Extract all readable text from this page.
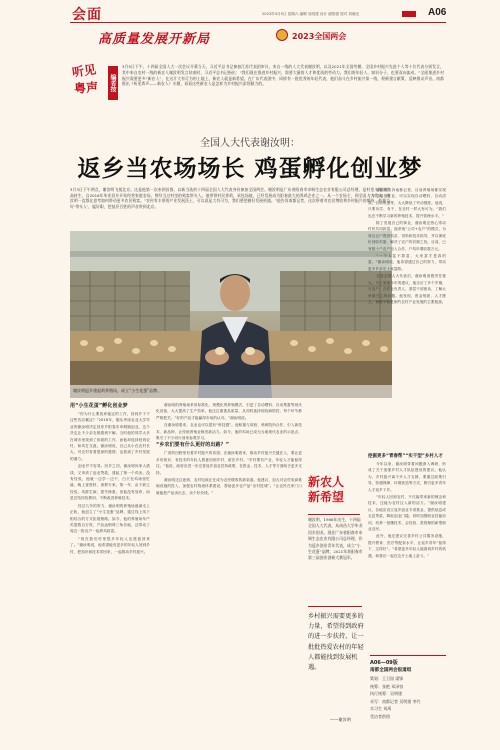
会面	2023年3月5日 星期六 编辑 吴明建 设计 谢智强 校对 刘晓光	A06
高质量发展开新局	2023全国两会
听见
粤声 编者按
3月5日下午，十四届全国人大一次会议开幕当天，习近平总书记参加江苏代表团审议，来自一线的人大代表谢汝明，以及2021年全国劳模、全国乡村振兴先进个人等十位代表分别发言，其中来自农村一线的新农人谢汝明发言结束时，习近平总书记指出：“我们现在推进乡村振兴，需要大量的人才和优质的劳动力。我们的年轻人、知识分子，也要双向流动。”全面推进乡村振兴需要更多“新农人”，在这片大有可为的土地上，新农人就是新希望。在广东代表团中，同样有一批优秀的年轻代表，他们奋斗在乡村振兴第一线，积极建言献策，反映群众声音。南都推出《听见粤声——新农人》专题，看看这些新农人是怎样为乡村振兴添智献力的。
全国人大代表谢汝明：
返乡当农场场长 鸡蛋孵化创业梦
3月3日下午两点，谢汝明飞抵北京。这是他第一次来到首都，以新当选的十四届全国人大代表身份参加全国两会。谢汝明是广东省阳春市申垌生态农业有限公司总经理，是村里人眼里的高材生，自2016年毕业回乡开始经营家庭农场，曾经当过村里的致富带头人。他带领村民养鸡，承包场地，已经发展成为阳春最大的养鸡企业之一。从一个农场主，到全国人大代表，谢汝明一直都在思考如何带动更多农民致富。“农村有丰厚的产业发展沃土，可以说是大有可为，我们要把握好发展机遇。”他告诉南都记者，这次带着对农民增收和乡村振兴的期待，他要当好‘带头人’，履好职，把基层百姓的声音带到北京。
谢汝明返乡建起鸡养殖场，成立“小生花蛋”品牌。
用“小生花蛋”孵化创业梦
“你为什么要放弃稳定的工作，回到乡下干这些苦活累活？”2016年，刚从华南农业大学毕业的谢汝明决定回家乡阳春市申垌镇创业，这个决定让不少亲友都感到不解。当时他的同学大多在城市里找到了体面的工作，而他却选择回到农村，和鸡打交道。谢汝明说，自己从小在农村长大，对农村有着很深的感情，也看到了乡村发展的潜力。
创业并不容易。回乡之初，谢汝明向家人借钱，又申请了创业贷款，建起了第一个鸡舍。没有经验，他就一边学一边干，白天在鸡场里忙碌，晚上查资料、请教专家。第一年，由于缺乏经验，鸡群生病，损失惨重。但他没有放弃，而是总结经验教训，不断改进养殖技术。
经过几年的努力，谢汝明的养殖场逐渐走上正轨，他创立了“小生花蛋”品牌，通过线上线下相结合的方式拓展销路。如今，他的养殖场年产鸡蛋数百万枚，产品远销珠三角各地，还带动了周边一批农户一起养鸡致富。
“现在我们村里很多年轻人也愿意回来了。”谢汝明说，他希望能有更多的年轻人回到乡村，把知识和技术带回来，一起推动乡村振兴。
谢汝明的养殖场采用标准化、规模化的养殖模式，引进了自动喂料、自动集蛋等现代化设备，大大提高了生产效率。他还注重蛋品质量，从饲料选择到疫病防控，每个环节都严格把关。“好的产品才能赢得市场的认可。”谢汝明说。
在谢汝明看来，农业也可以很有“科技感”。他积极与高校、科研院所合作，引入新技术、新品种，让传统养殖业焕发新活力。如今，他的鸡场已成为当地现代农业的示范点，吸引了不少同行前来参观学习。
“乡农们要有什么更好的出路？”
广袤的田野里有着乡村振兴的希望。在谢汝明看来，推动乡村振兴关键在人，要让更多有知识、有技术的年轻人愿意回到乡村、留在乡村。“乡村要有产业，年轻人才能留得住。”他说，政府应进一步完善返乡创业扶持政策，在资金、技术、人才等方面给予更多支持。
谢汝明还注意到，农村电商正在成为农民增收的新渠道。他建议，加大对农村电商基础设施的投入，加强农村物流体系建设，帮助更多农产品“出村进城”。“让农民在家门口就能把产品卖出去，卖个好价钱。”
新农人
新希望
谢汝明，1988年出生，十四届全国人大代表，从南昌大学毕业回乡创业。现任广东省阳春市申垌生态农业有限公司总经理，作为返乡创业青年代表，成立“小生花蛋”品牌，2021年获阳春市第三届创业创新大赛冠军。
乡村振兴需要更多的力量，希望得到政府的进一步扶持，让一批批热爱农村的年轻人都能找到发展机遇。
——谢汝明
谢汝明告诉南都记者，目前养殖场都实现了半自动化作业，可以实现自动喂料、自动清粪，自动集蛋等，大大降低了劳动强度。他说，只要肯学、肯干，在农村一样大有可为。“我们也在不断学习新的养殖技术，提升管理水平。”
除了发展自己的事业，谢汝明还热心带动村民共同致富。他采取“公司+农户”的模式，为周边农户提供鸡苗、饲料和技术指导，并以保底价回收鸡蛋，解决了农户的后顾之忧。目前，已有数十户农户加入合作，户均年增收数万元。
“一个人富不算富，大家富才是真的富。”谢汝明说，他希望通过自己的努力，带动更多乡亲走上致富路。
当选全国人大代表后，谢汝明深感责任重大。为了准备今年的建议，他走访了多个乡镇，与农户、合作社负责人、基层干部座谈，了解大家最关心的问题。他发现，资金短缺、人才匮乏、销路不畅是制约农村产业发展的主要瓶颈。
挖掘更多“青春帮”“实干型”乡村人才
今年以来，谢汝明带着问题深入调研，形成了关于加强乡村人才队伍建设的建议。他认为，乡村振兴离不开人才支撑，要通过政策引导、待遇保障、环境营造等方式，吸引更多青年人才返乡下乡。
“年轻人回到农村，不仅能带来新的理念和技术，还能为农村注入新的活力。”谢汝明建议，各地应设立返乡创业专项基金，提供低息或无息贷款，降低创业门槛；同时加强职业技能培训，培养一批懂技术、会经营、善管理的新型职业农民。
此外，他还建议完善乡村公共服务设施，提升教育、医疗等配套水平，让返乡青年“留得下、过得好”。“希望更多年轻人能看到乡村的机遇，和我们一起在这片土地上奋斗。”
A06—09版
南都全国两会报道组
策划：王卫国 梁锋
统筹：张艳 邓泽容
执行统筹：吴明建
采写：南都记者 吴明建 李竹
实习生 刘禹
受访者供图
